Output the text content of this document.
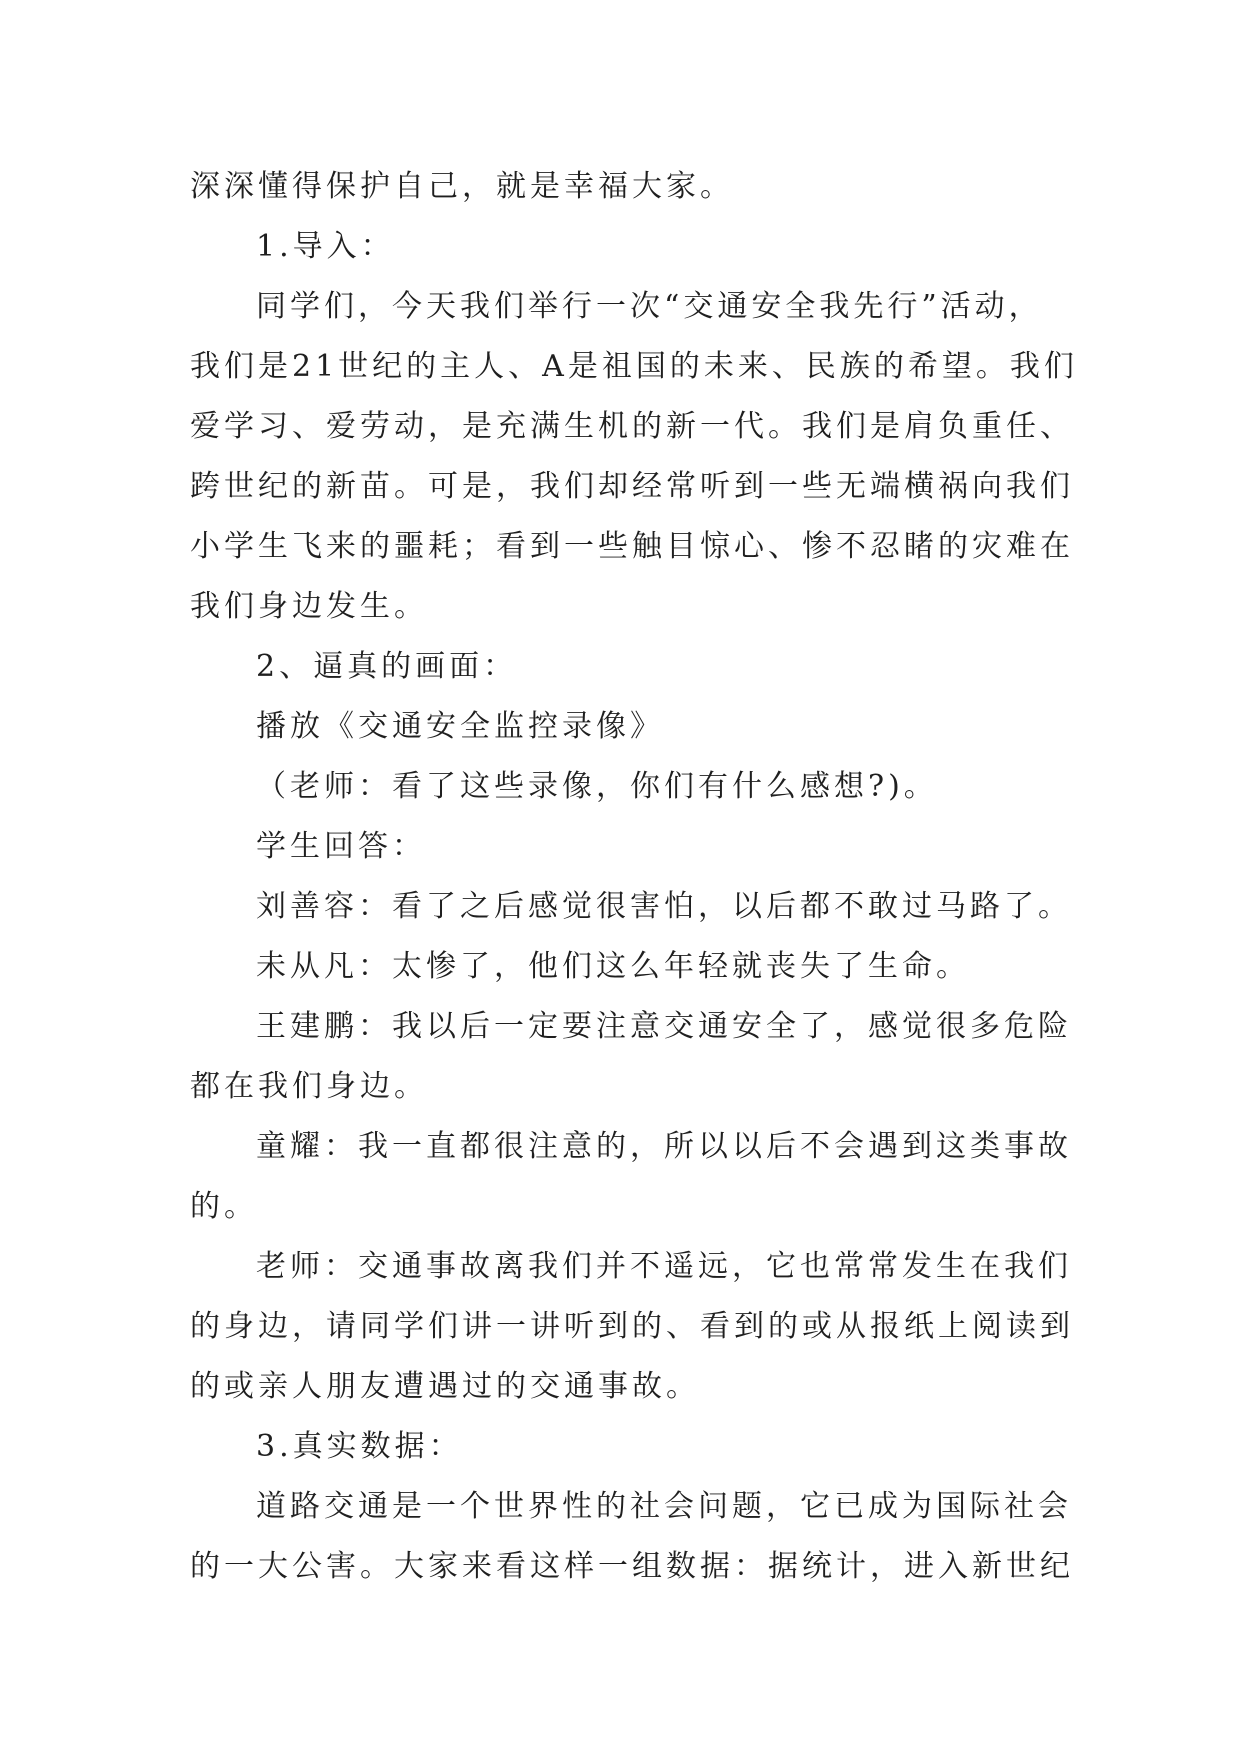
深深懂得保护自己，就是幸福大家。
1.导入：
同学们，今天我们举行一次“交通安全我先行”活动，
我们是21世纪的主人、A是祖国的未来、民族的希望。我们
爱学习、爱劳动，是充满生机的新一代。我们是肩负重任、
跨世纪的新苗。可是，我们却经常听到一些无端横祸向我们
小学生飞来的噩耗；看到一些触目惊心、惨不忍睹的灾难在
我们身边发生。
2、逼真的画面：
播放《交通安全监控录像》
（老师：看了这些录像，你们有什么感想?)。
学生回答：
刘善容：看了之后感觉很害怕，以后都不敢过马路了。
未从凡：太惨了，他们这么年轻就丧失了生命。
王建鹏：我以后一定要注意交通安全了，感觉很多危险
都在我们身边。
童耀：我一直都很注意的，所以以后不会遇到这类事故
的。
老师：交通事故离我们并不遥远，它也常常发生在我们
的身边，请同学们讲一讲听到的、看到的或从报纸上阅读到
的或亲人朋友遭遇过的交通事故。
3.真实数据：
道路交通是一个世界性的社会问题，它已成为国际社会
的一大公害。大家来看这样一组数据：据统计，进入新世纪
